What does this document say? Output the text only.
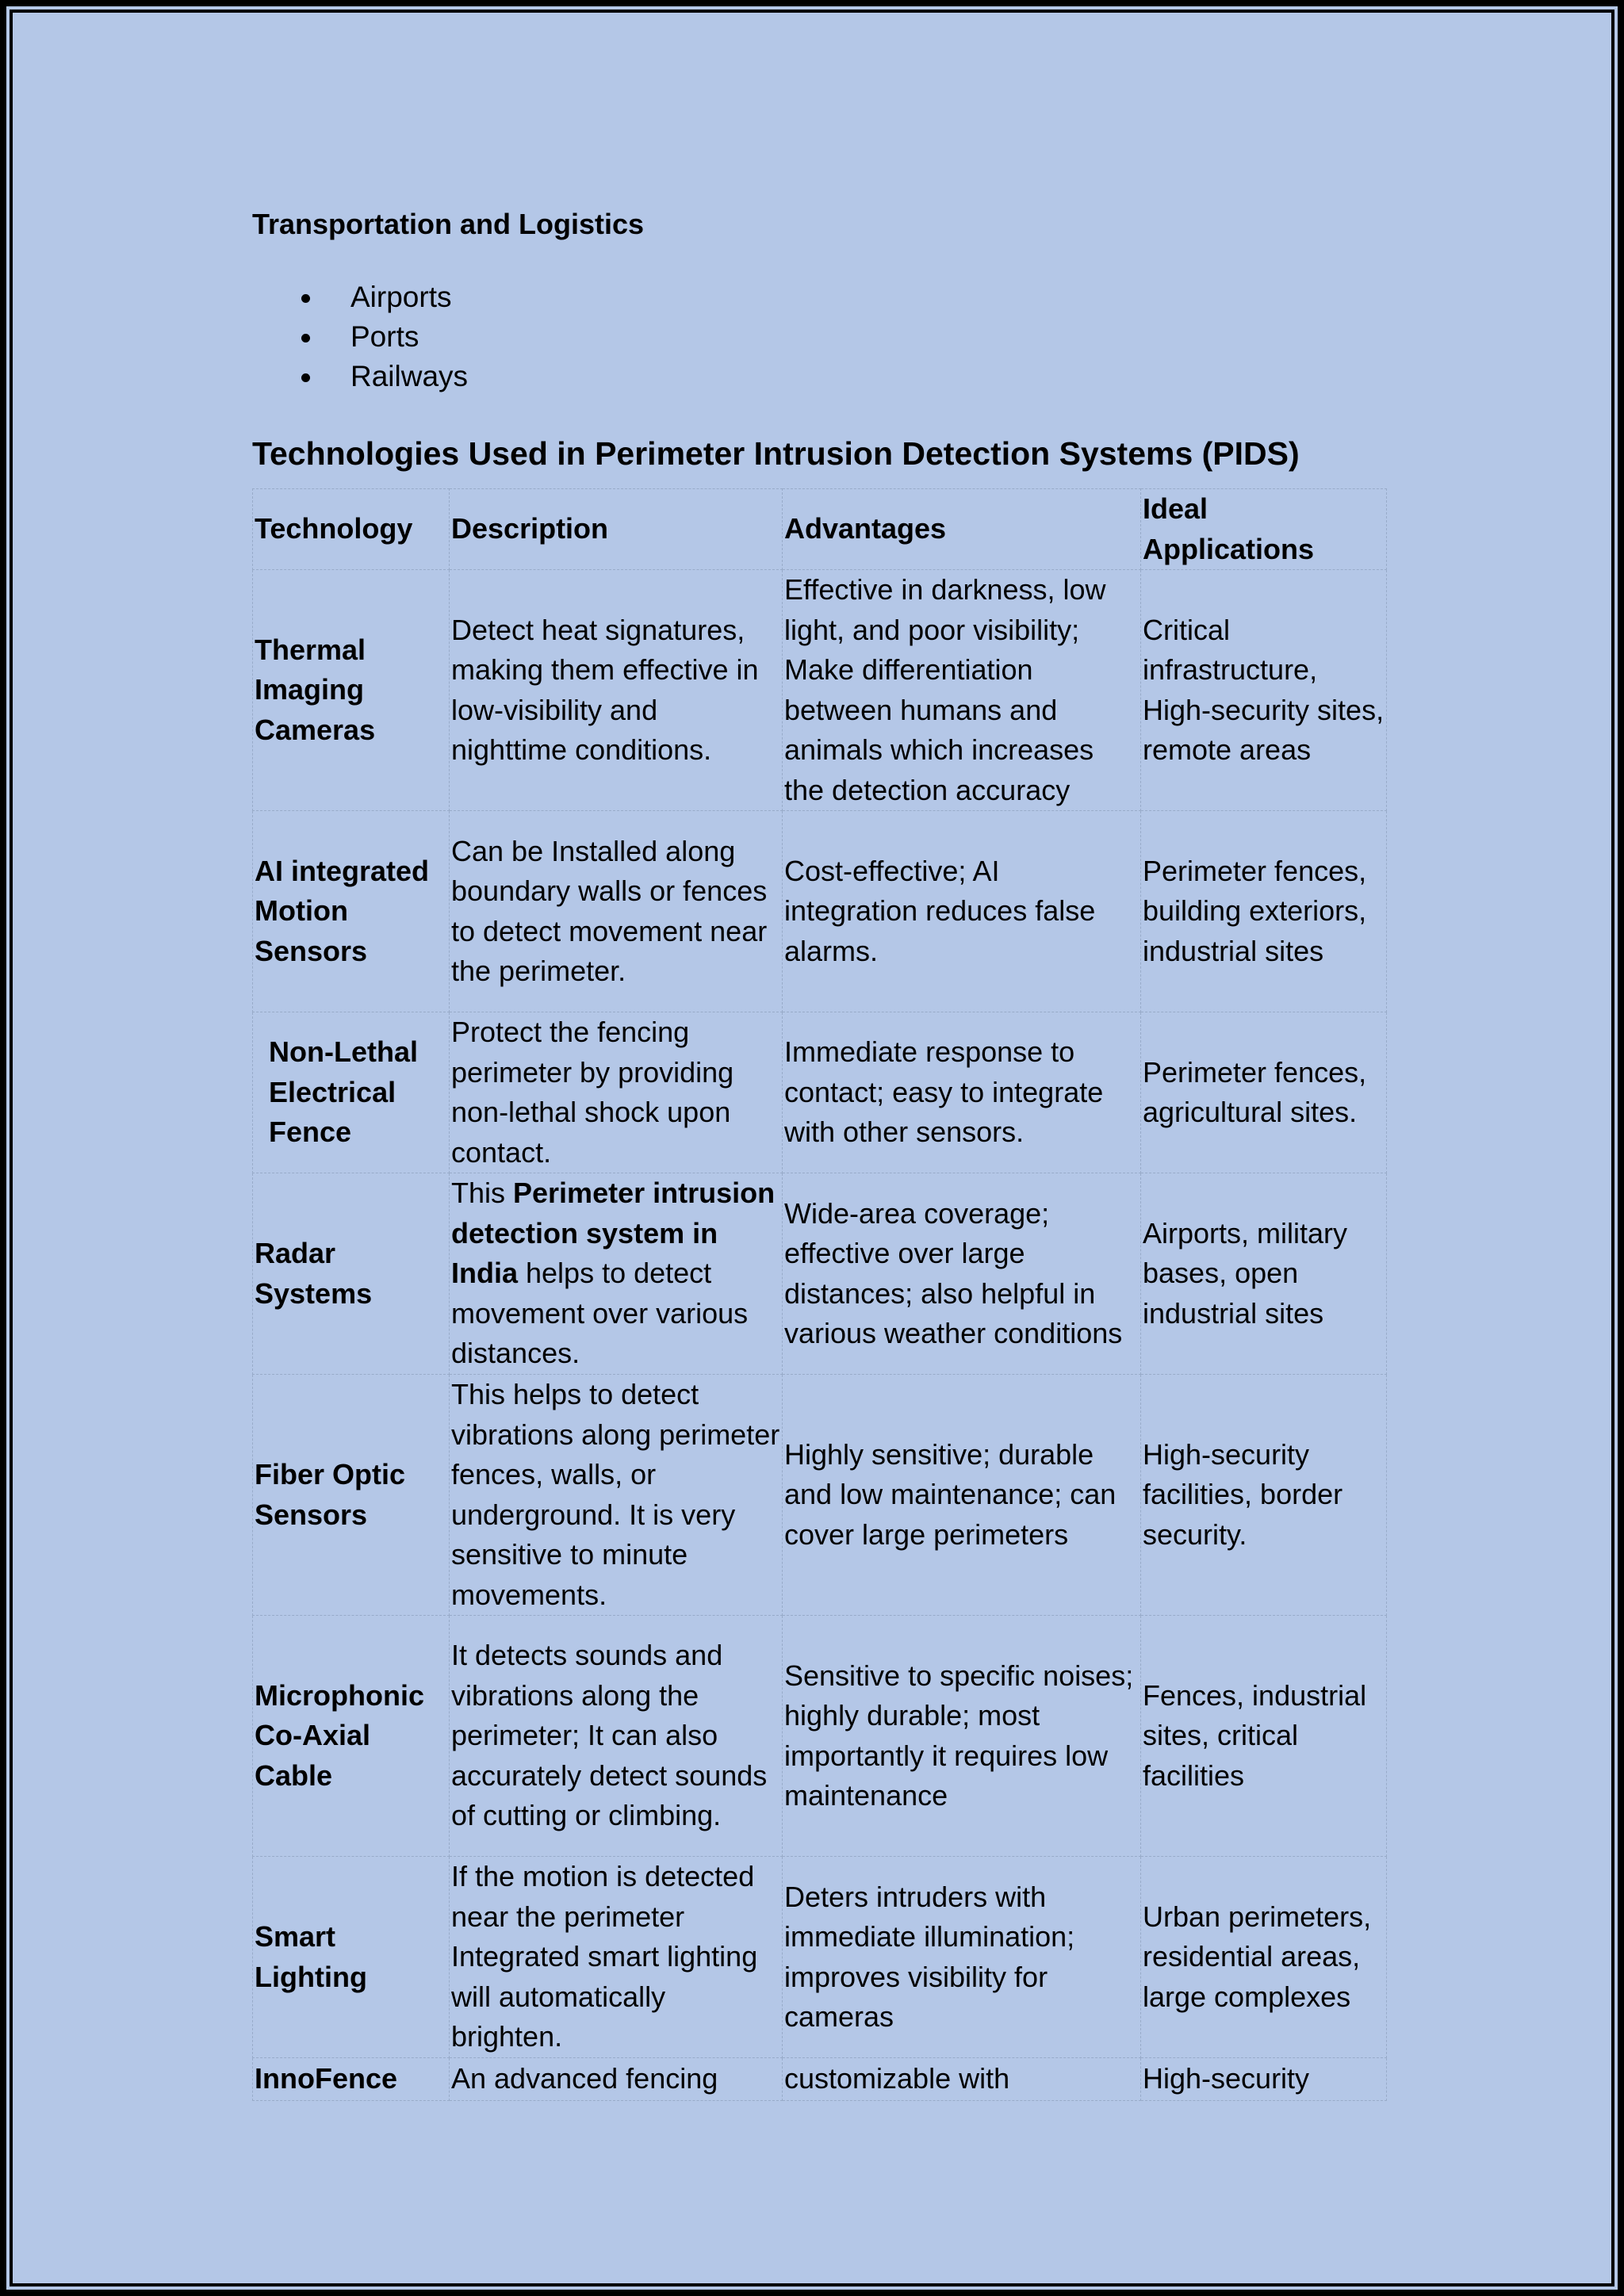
Transportation and Logistics
Airports
Ports
Railways
Technologies Used in Perimeter Intrusion Detection Systems (PIDS)
Technology	Description	Advantages	Ideal Applications
Thermal Imaging Cameras	Detect heat signatures, making them effective in low-visibility and nighttime conditions.	Effective in darkness, low light, and poor visibility; Make differentiation between humans and animals which increases the detection accuracy	Critical infrastructure, High-security sites, remote areas
AI integrated Motion Sensors	Can be Installed along boundary walls or fences to detect movement near the perimeter.	Cost-effective; AI integration reduces false alarms.	Perimeter fences, building exteriors, industrial sites
Non-Lethal Electrical Fence	Protect the fencing perimeter by providing non-lethal shock upon contact.	Immediate response to contact; easy to integrate with other sensors.	Perimeter fences, agricultural sites.
Radar Systems	This Perimeter intrusion detection system in India helps to detect movement over various distances.	Wide-area coverage; effective over large distances; also helpful in various weather conditions	Airports, military bases, open industrial sites
Fiber Optic Sensors	This helps to detect vibrations along perimeter fences, walls, or underground. It is very sensitive to minute movements.	Highly sensitive; durable and low maintenance; can cover large perimeters	High-security facilities, border security.
Microphonic Co-Axial Cable	It detects sounds and vibrations along the perimeter; It can also accurately detect sounds of cutting or climbing.	Sensitive to specific noises; highly durable; most importantly it requires low maintenance	Fences, industrial sites, critical facilities
Smart Lighting	If the motion is detected near the perimeter Integrated smart lighting will automatically brighten.	Deters intruders with immediate illumination; improves visibility for cameras	Urban perimeters, residential areas, large complexes
InnoFence	An advanced fencing	customizable with	High-security
